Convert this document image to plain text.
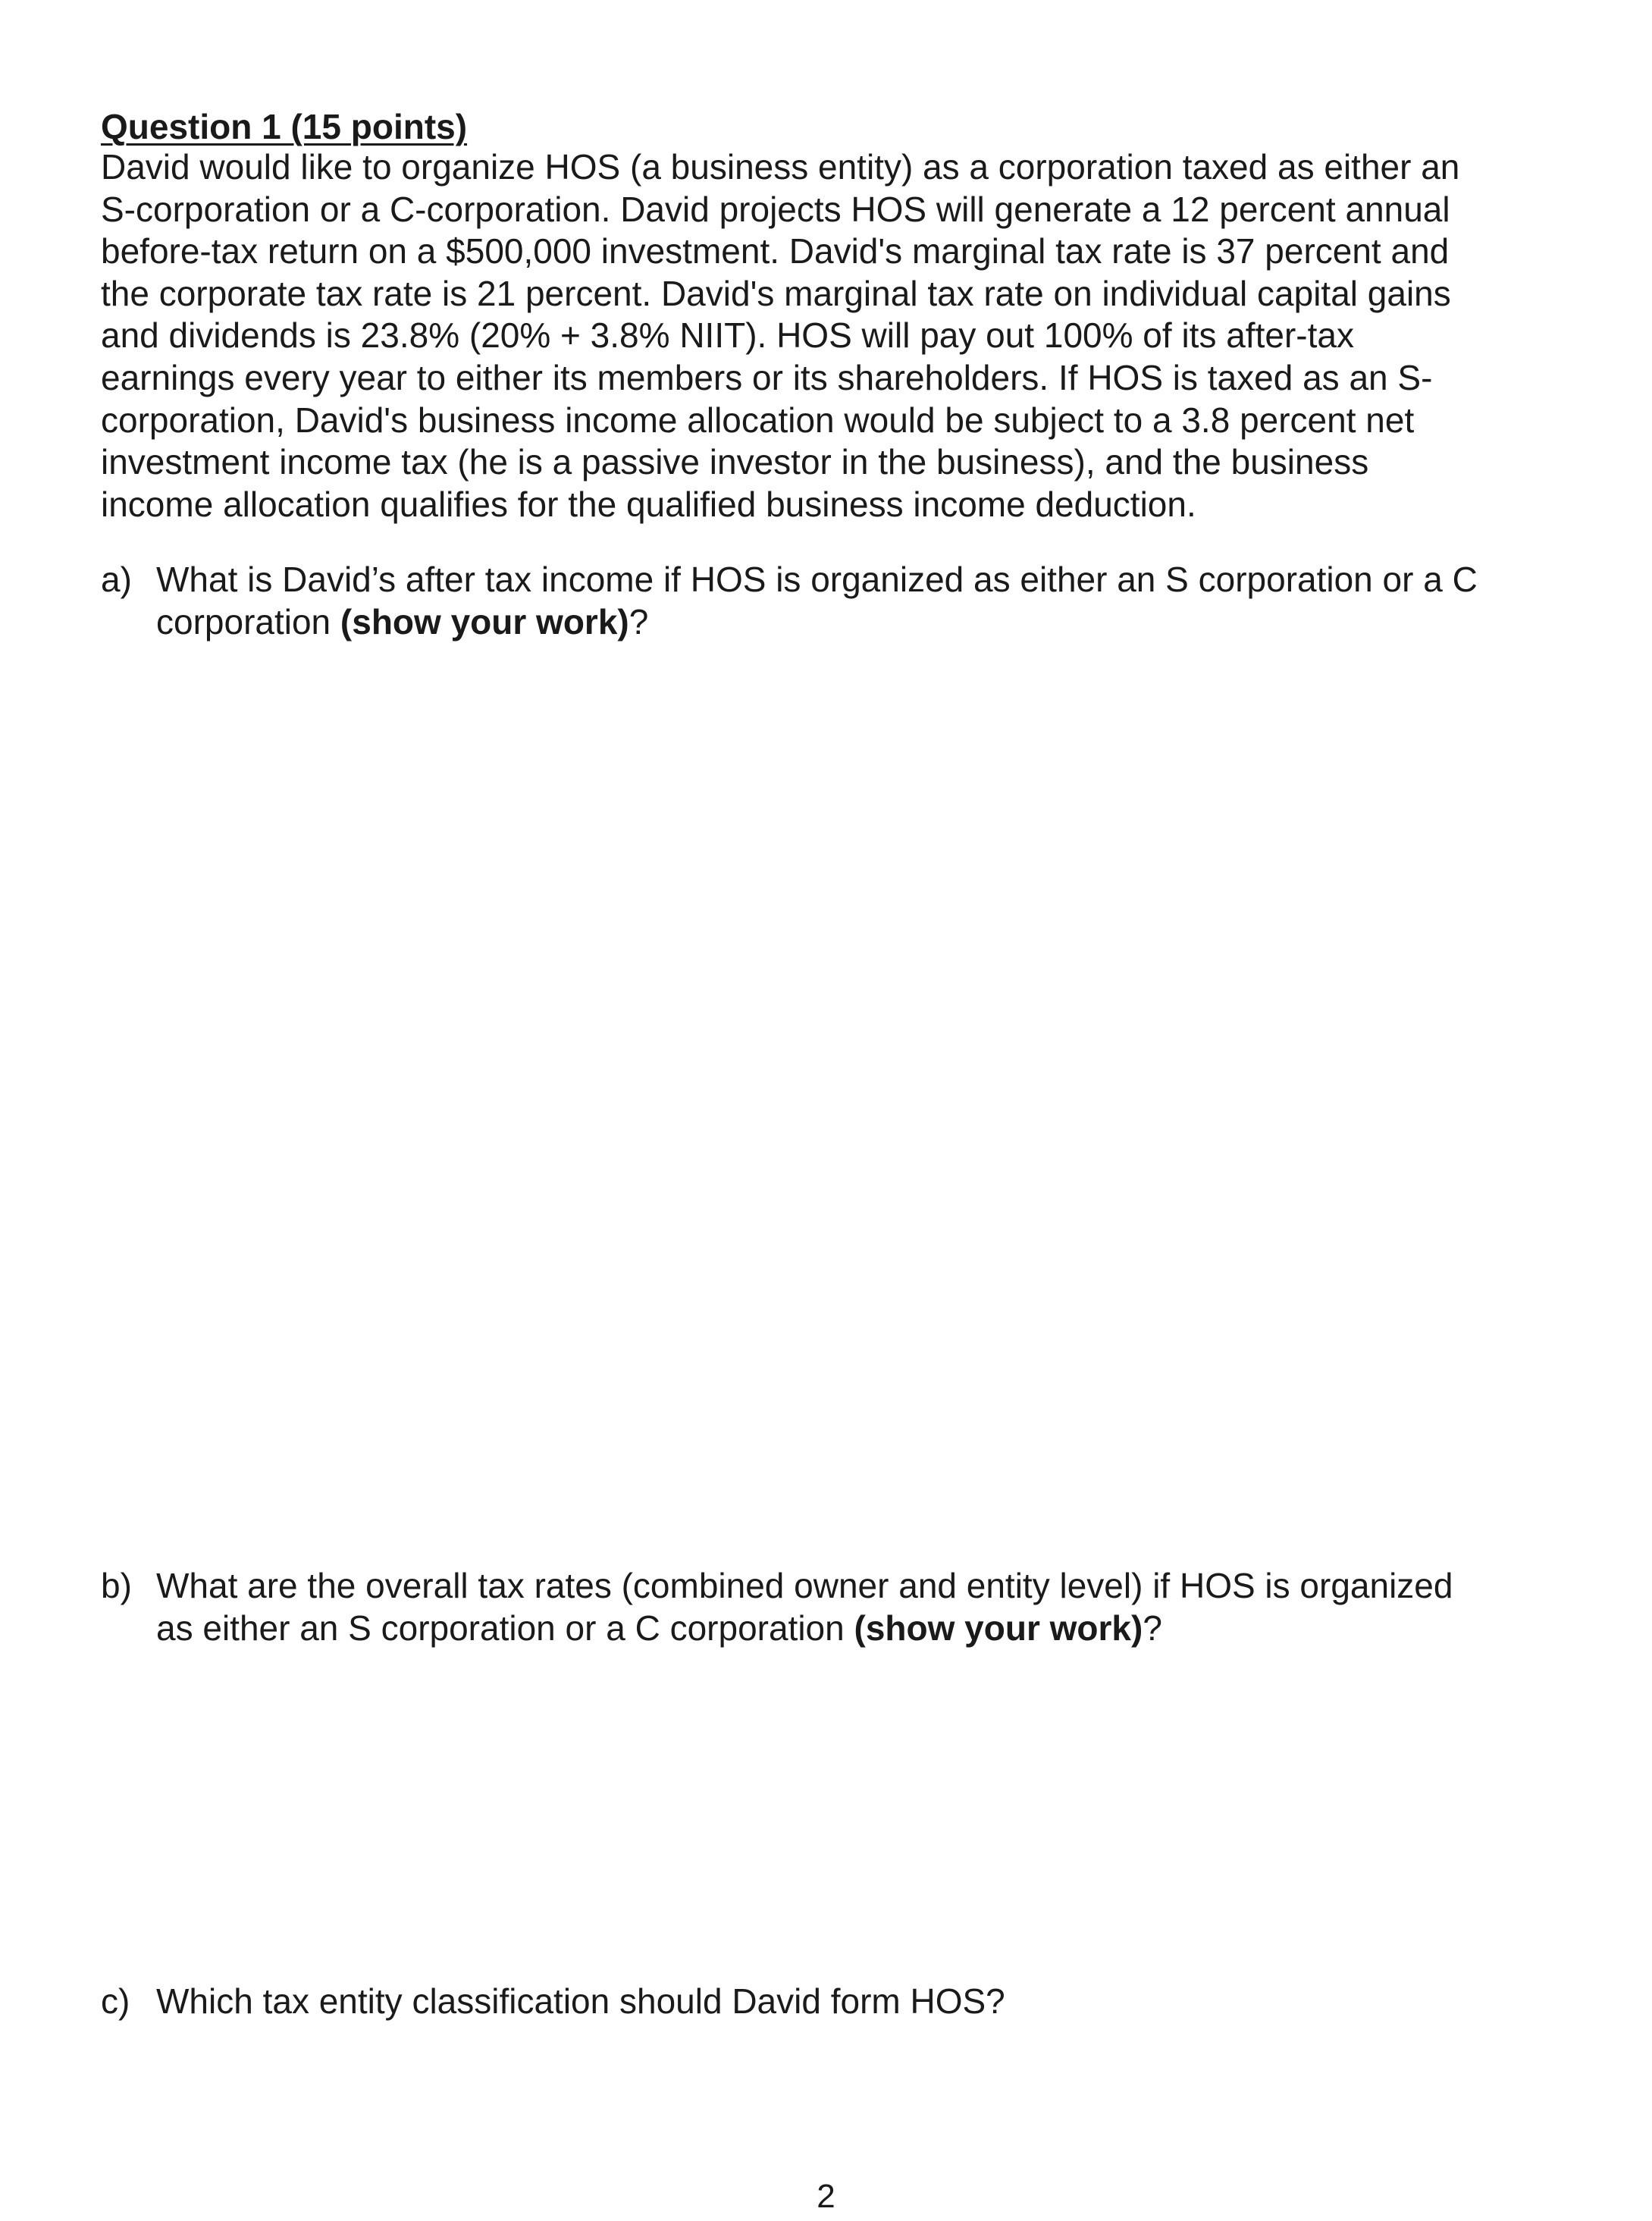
Question 1 (15 points)
David would like to organize HOS (a business entity) as a corporation taxed as either an
S-corporation or a C-corporation. David projects HOS will generate a 12 percent annual
before-tax return on a $500,000 investment. David's marginal tax rate is 37 percent and
the corporate tax rate is 21 percent. David's marginal tax rate on individual capital gains
and dividends is 23.8% (20% + 3.8% NIIT). HOS will pay out 100% of its after-tax
earnings every year to either its members or its shareholders. If HOS is taxed as an S-
corporation, David's business income allocation would be subject to a 3.8 percent net
investment income tax (he is a passive investor in the business), and the business
income allocation qualifies for the qualified business income deduction.
a) What is David’s after tax income if HOS is organized as either an S corporation or a C
corporation (show your work)?
b) What are the overall tax rates (combined owner and entity level) if HOS is organized
as either an S corporation or a C corporation (show your work)?
c) Which tax entity classification should David form HOS?
2
